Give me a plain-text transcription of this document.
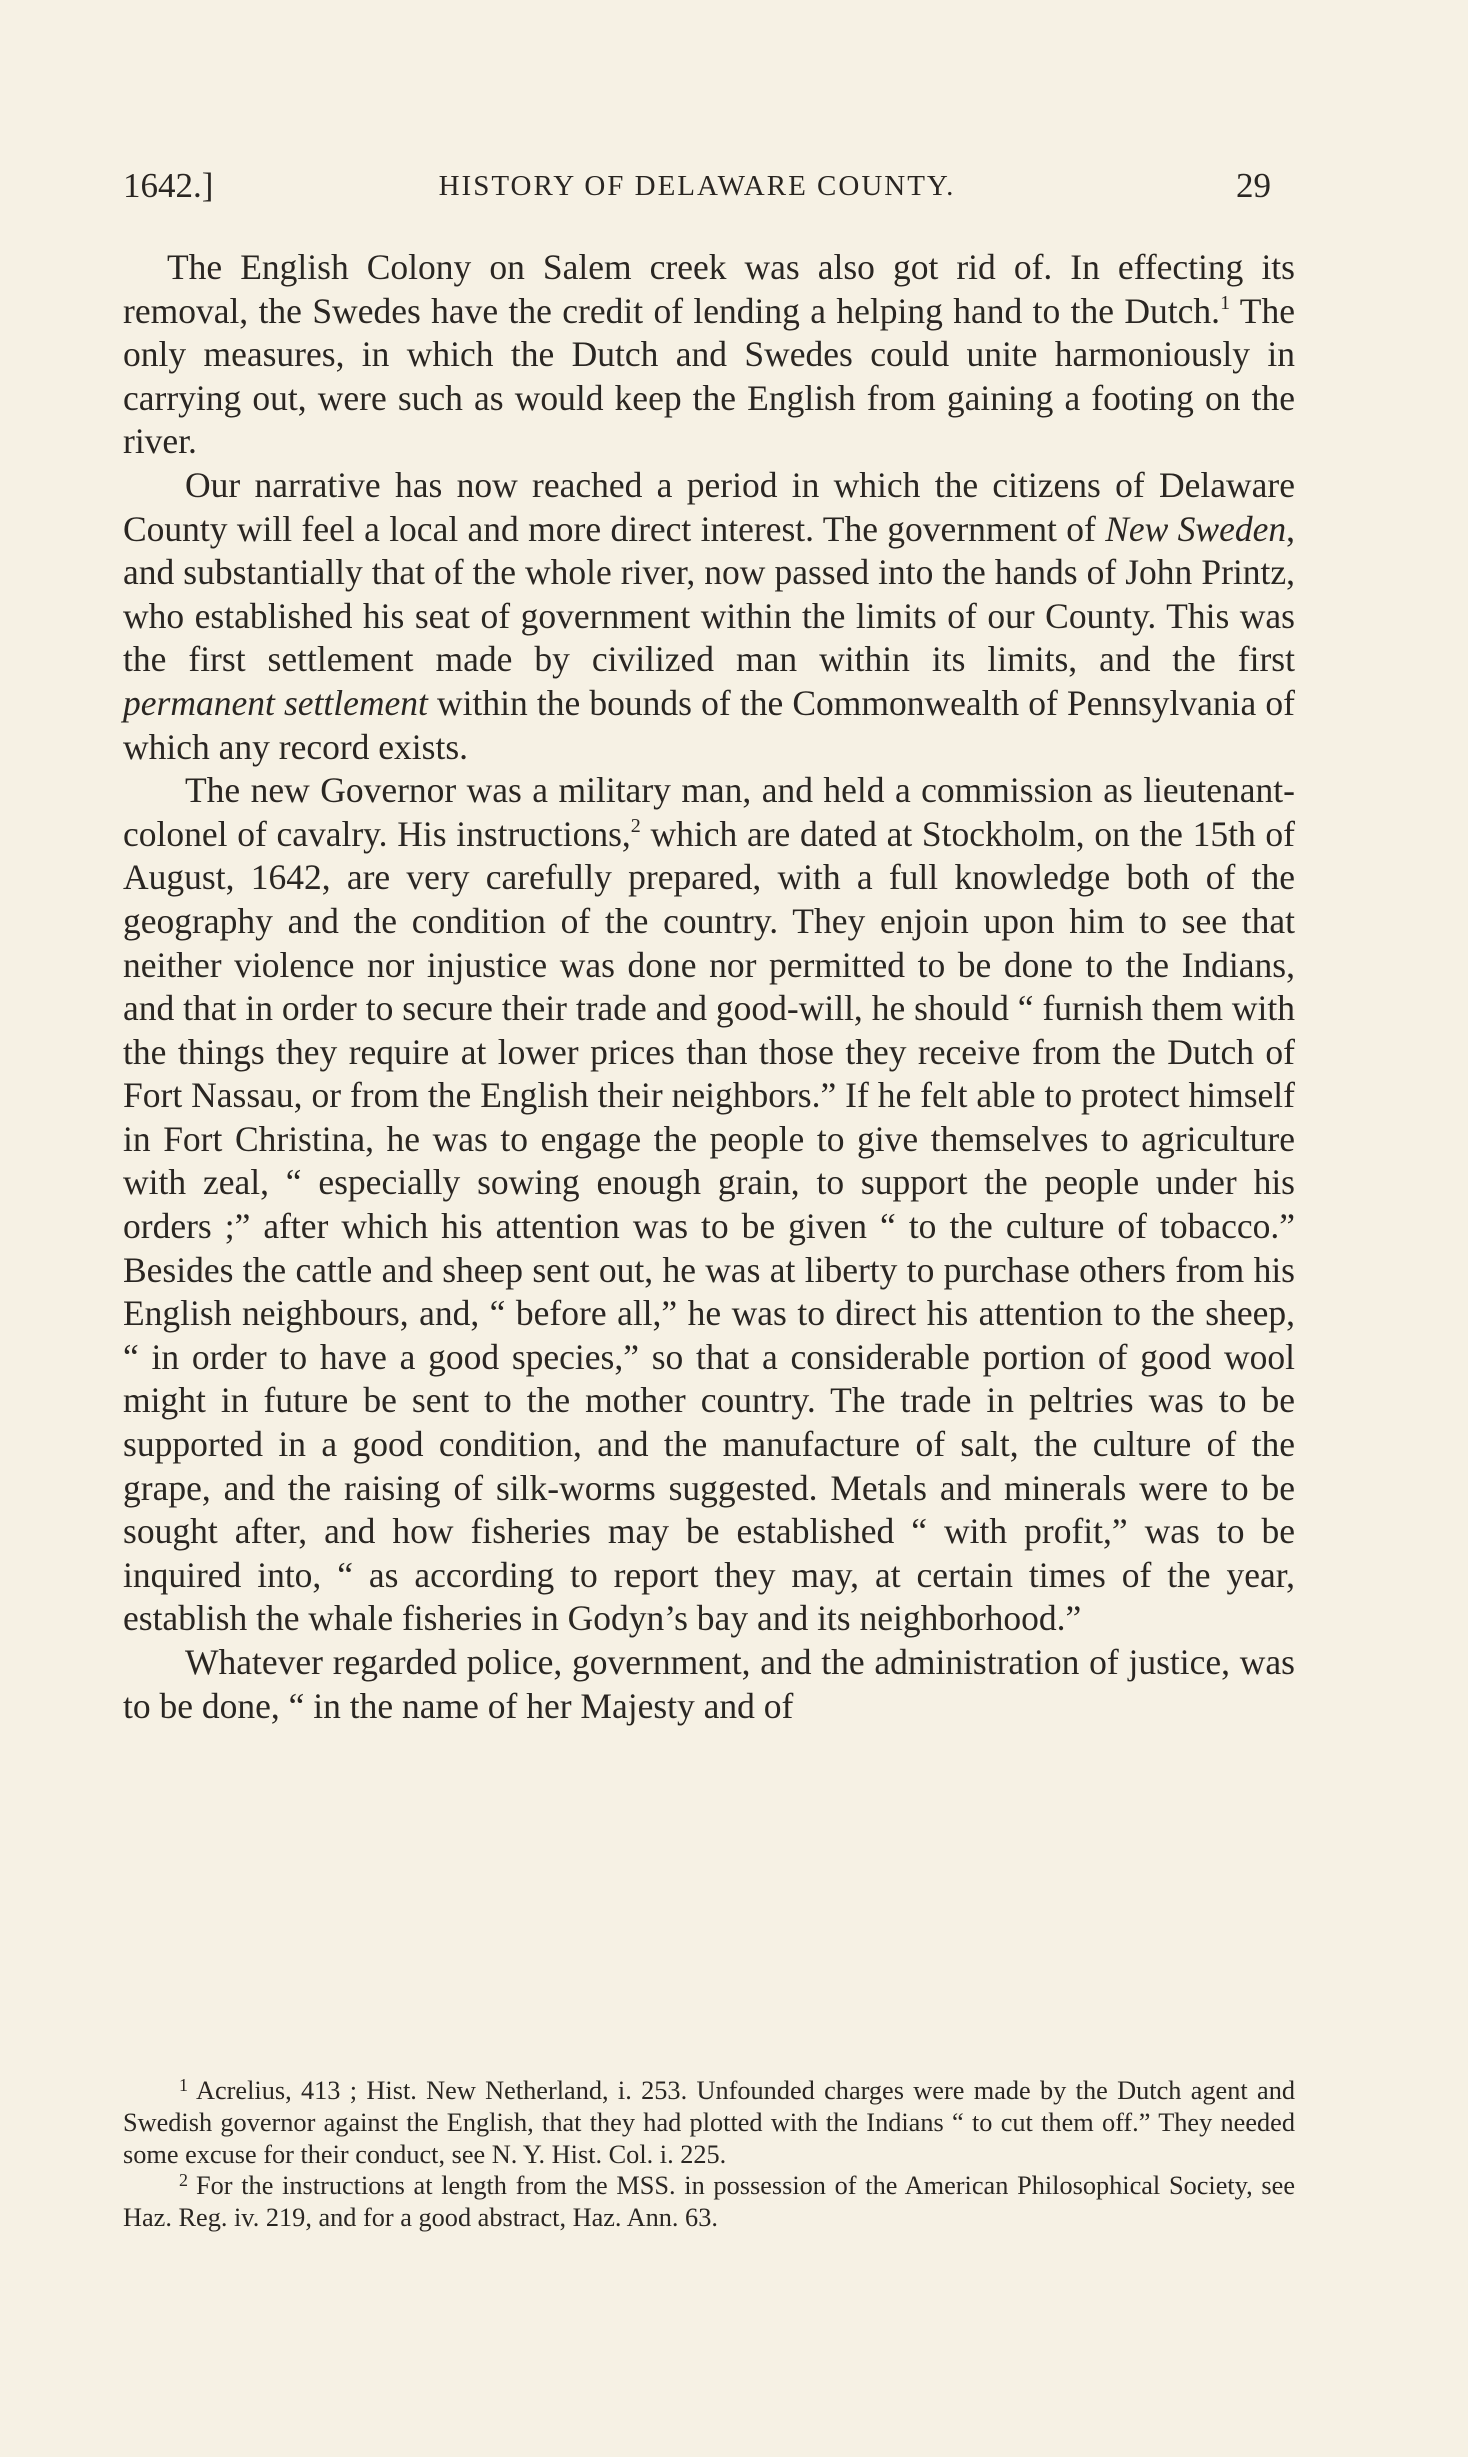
1642.]	HISTORY OF DELAWARE COUNTY.	29

The English Colony on Salem creek was also got rid of. In effecting its removal, the Swedes have the credit of lending a helping hand to the Dutch.$^1$ The only measures, in which the Dutch and Swedes could unite harmoniously in carrying out, were such as would keep the English from gaining a footing on the river.

Our narrative has now reached a period in which the citizens of Delaware County will feel a local and more direct interest. The government of New Sweden, and substantially that of the whole river, now passed into the hands of John Printz, who established his seat of government within the limits of our County. This was the first settlement made by civilized man within its limits, and the first permanent settlement within the bounds of the Commonwealth of Pennsylvania of which any record exists.

The new Governor was a military man, and held a commission as lieutenant-colonel of cavalry. His instructions,$^2$ which are dated at Stockholm, on the 15th of August, 1642, are very carefully prepared, with a full knowledge both of the geography and the condition of the country. They enjoin upon him to see that neither violence nor injustice was done nor permitted to be done to the Indians, and that in order to secure their trade and good-will, he should “ furnish them with the things they require at lower prices than those they receive from the Dutch of Fort Nassau, or from the English their neighbors.” If he felt able to protect himself in Fort Christina, he was to engage the people to give themselves to agriculture with zeal, “ especially sowing enough grain, to support the people under his orders ;” after which his attention was to be given “ to the culture of tobacco.” Besides the cattle and sheep sent out, he was at liberty to purchase others from his English neighbours, and, “ before all,” he was to direct his attention to the sheep, “ in order to have a good species,” so that a considerable portion of good wool might in future be sent to the mother country. The trade in peltries was to be supported in a good condition, and the manufacture of salt, the culture of the grape, and the raising of silk-worms suggested. Metals and minerals were to be sought after, and how fisheries may be established “ with profit,” was to be inquired into, “ as according to report they may, at certain times of the year, establish the whale fisheries in Godyn’s bay and its neighborhood.”

Whatever regarded police, government, and the administration of justice, was to be done, “ in the name of her Majesty and of

$^1$ Acrelius, 413 ; Hist. New Netherland, i. 253. Unfounded charges were made by the Dutch agent and Swedish governor against the English, that they had plotted with the Indians “ to cut them off.” They needed some excuse for their conduct, see N. Y. Hist. Col. i. 225.

$^2$ For the instructions at length from the MSS. in possession of the American Philosophical Society, see Haz. Reg. iv. 219, and for a good abstract, Haz. Ann. 63.
